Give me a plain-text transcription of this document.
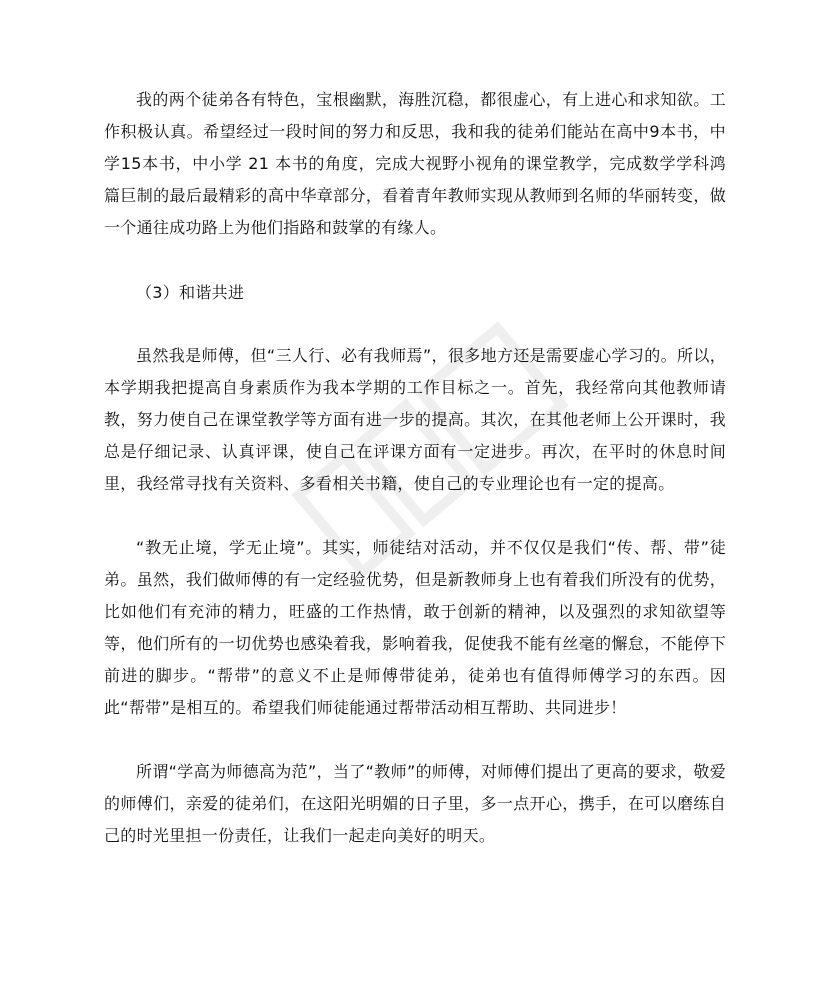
我的两个徒弟各有特色，宝根幽默，海胜沉稳，都很虚心，有上进心和求知欲。工作积极认真。希望经过一段时间的努力和反思，我和我的徒弟们能站在高中9本书，中学15本书，中小学 21 本书的角度，完成大视野小视角的课堂教学，完成数学学科鸿篇巨制的最后最精彩的高中华章部分，看着青年教师实现从教师到名师的华丽转变，做一个通往成功路上为他们指路和鼓掌的有缘人。

（3）和谐共进

虽然我是师傅，但“三人行、必有我师焉”，很多地方还是需要虚心学习的。所以，本学期我把提高自身素质作为我本学期的工作目标之一。首先，我经常向其他教师请教，努力使自己在课堂教学等方面有进一步的提高。其次，在其他老师上公开课时，我总是仔细记录、认真评课，使自己在评课方面有一定进步。再次，在平时的休息时间里，我经常寻找有关资料、多看相关书籍，使自己的专业理论也有一定的提高。

“教无止境，学无止境”。其实，师徒结对活动，并不仅仅是我们“传、帮、带”徒弟。虽然，我们做师傅的有一定经验优势，但是新教师身上也有着我们所没有的优势，比如他们有充沛的精力，旺盛的工作热情，敢于创新的精神，以及强烈的求知欲望等等，他们所有的一切优势也感染着我，影响着我，促使我不能有丝毫的懈怠，不能停下前进的脚步。“帮带”的意义不止是师傅带徒弟，徒弟也有值得师傅学习的东西。因此“帮带”是相互的。希望我们师徒能通过帮带活动相互帮助、共同进步！

所谓“学高为师德高为范”，当了“教师”的师傅，对师傅们提出了更高的要求，敬爱的师傅们，亲爱的徒弟们，在这阳光明媚的日子里，多一点开心，携手，在可以磨练自己的时光里担一份责任，让我们一起走向美好的明天。
